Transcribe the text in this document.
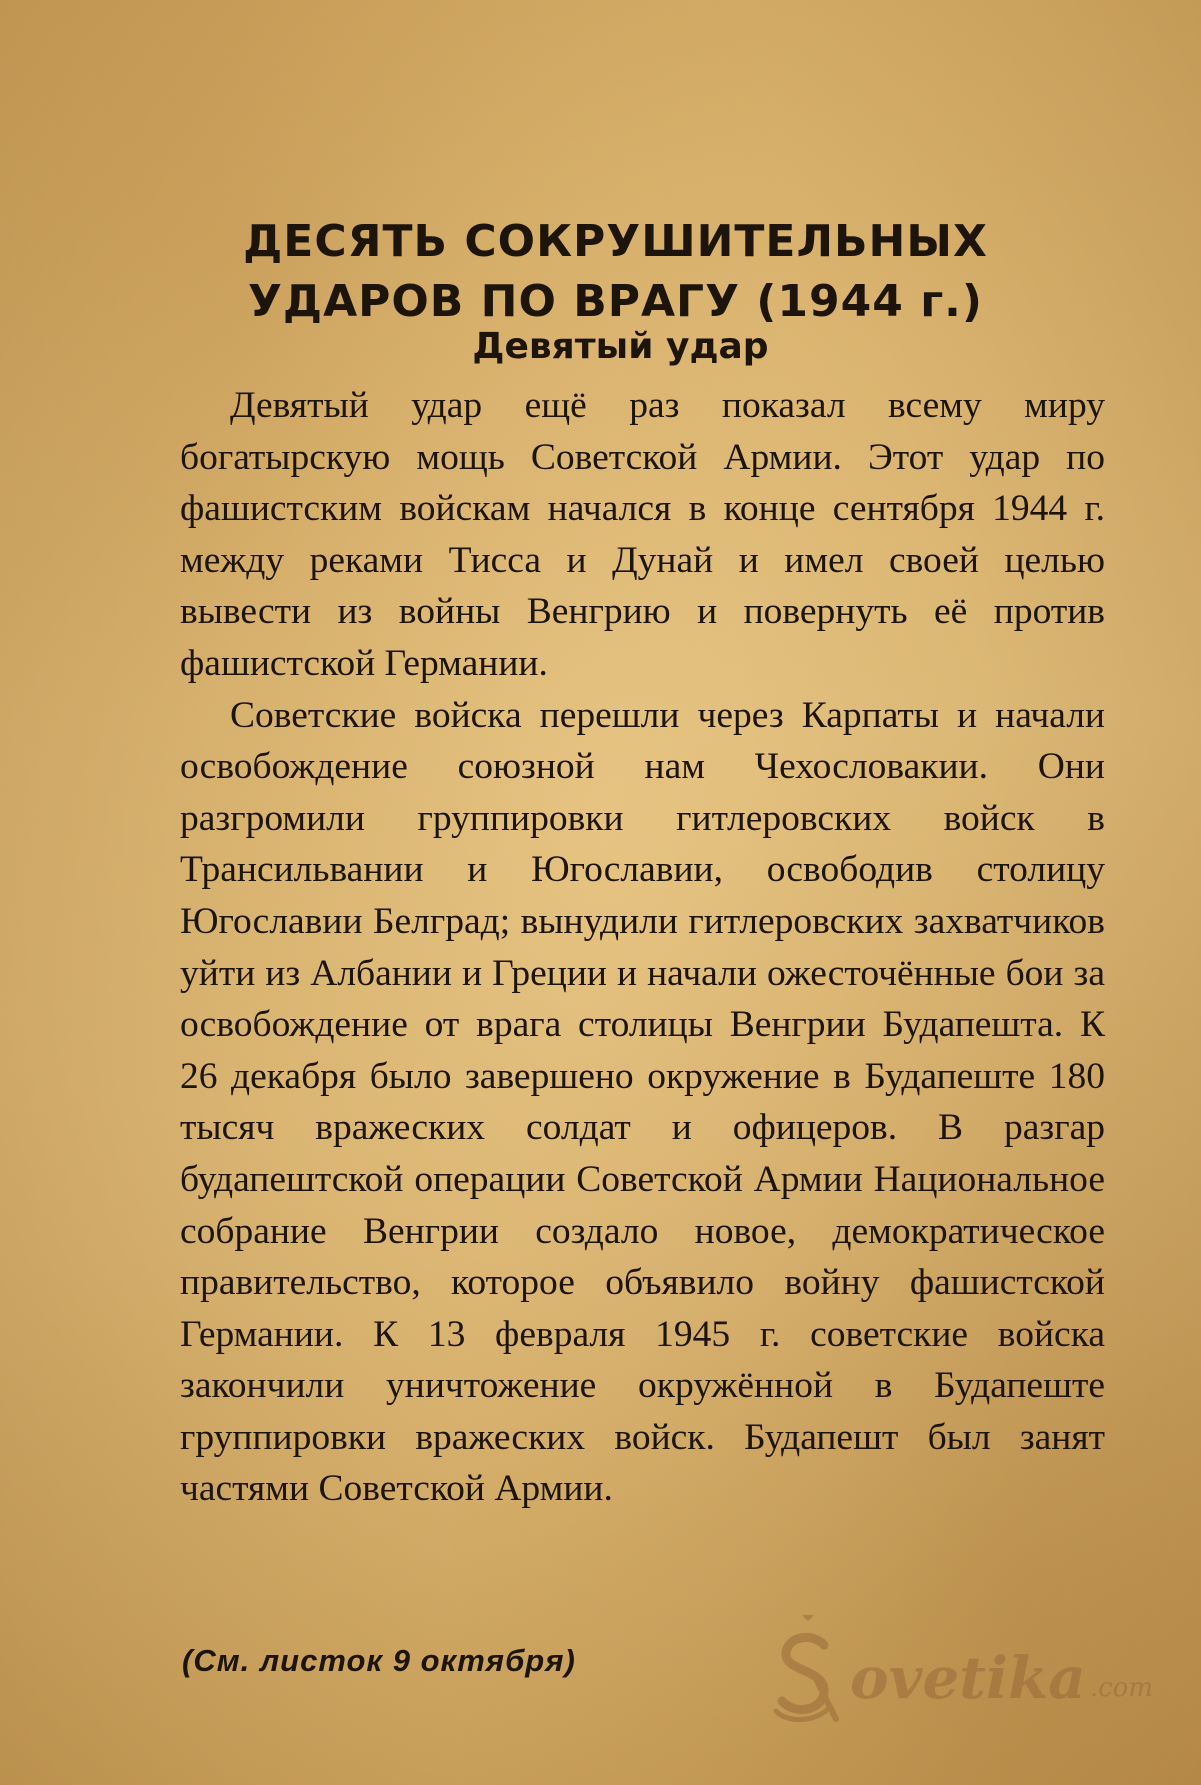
ДЕСЯТЬ СОКРУШИТЕЛЬНЫХ
УДАРОВ ПО ВРАГУ (1944 г.)
Девятый удар

Девятый удар ещё раз показал всему миру богатырскую мощь Советской Армии. Этот удар по фашистским войскам начался в конце сентября 1944 г. между реками Тисса и Дунай и имел своей целью вывести из войны Венгрию и повернуть её против фашистской Германии.

Советские войска перешли через Карпаты и начали освобождение союзной нам Чехословакии. Они разгромили группировки гитлеровских войск в Трансильвании и Югославии, освободив столицу Югославии Белград; вынудили гитлеровских захватчиков уйти из Албании и Греции и начали ожесточённые бои за освобождение от врага столицы Венгрии Будапешта. К 26 декабря было завершено окружение в Будапеште 180 тысяч вражеских солдат и офицеров. В разгар будапештской операции Советской Армии Национальное собрание Венгрии создало новое, демократическое правительство, которое объявило войну фашистской Германии. К 13 февраля 1945 г. советские войска закончили уничтожение окружённой в Будапеште группировки вражеских войск. Будапешт был занят частями Советской Армии.

(См. листок 9 октября)	ovetika .com
